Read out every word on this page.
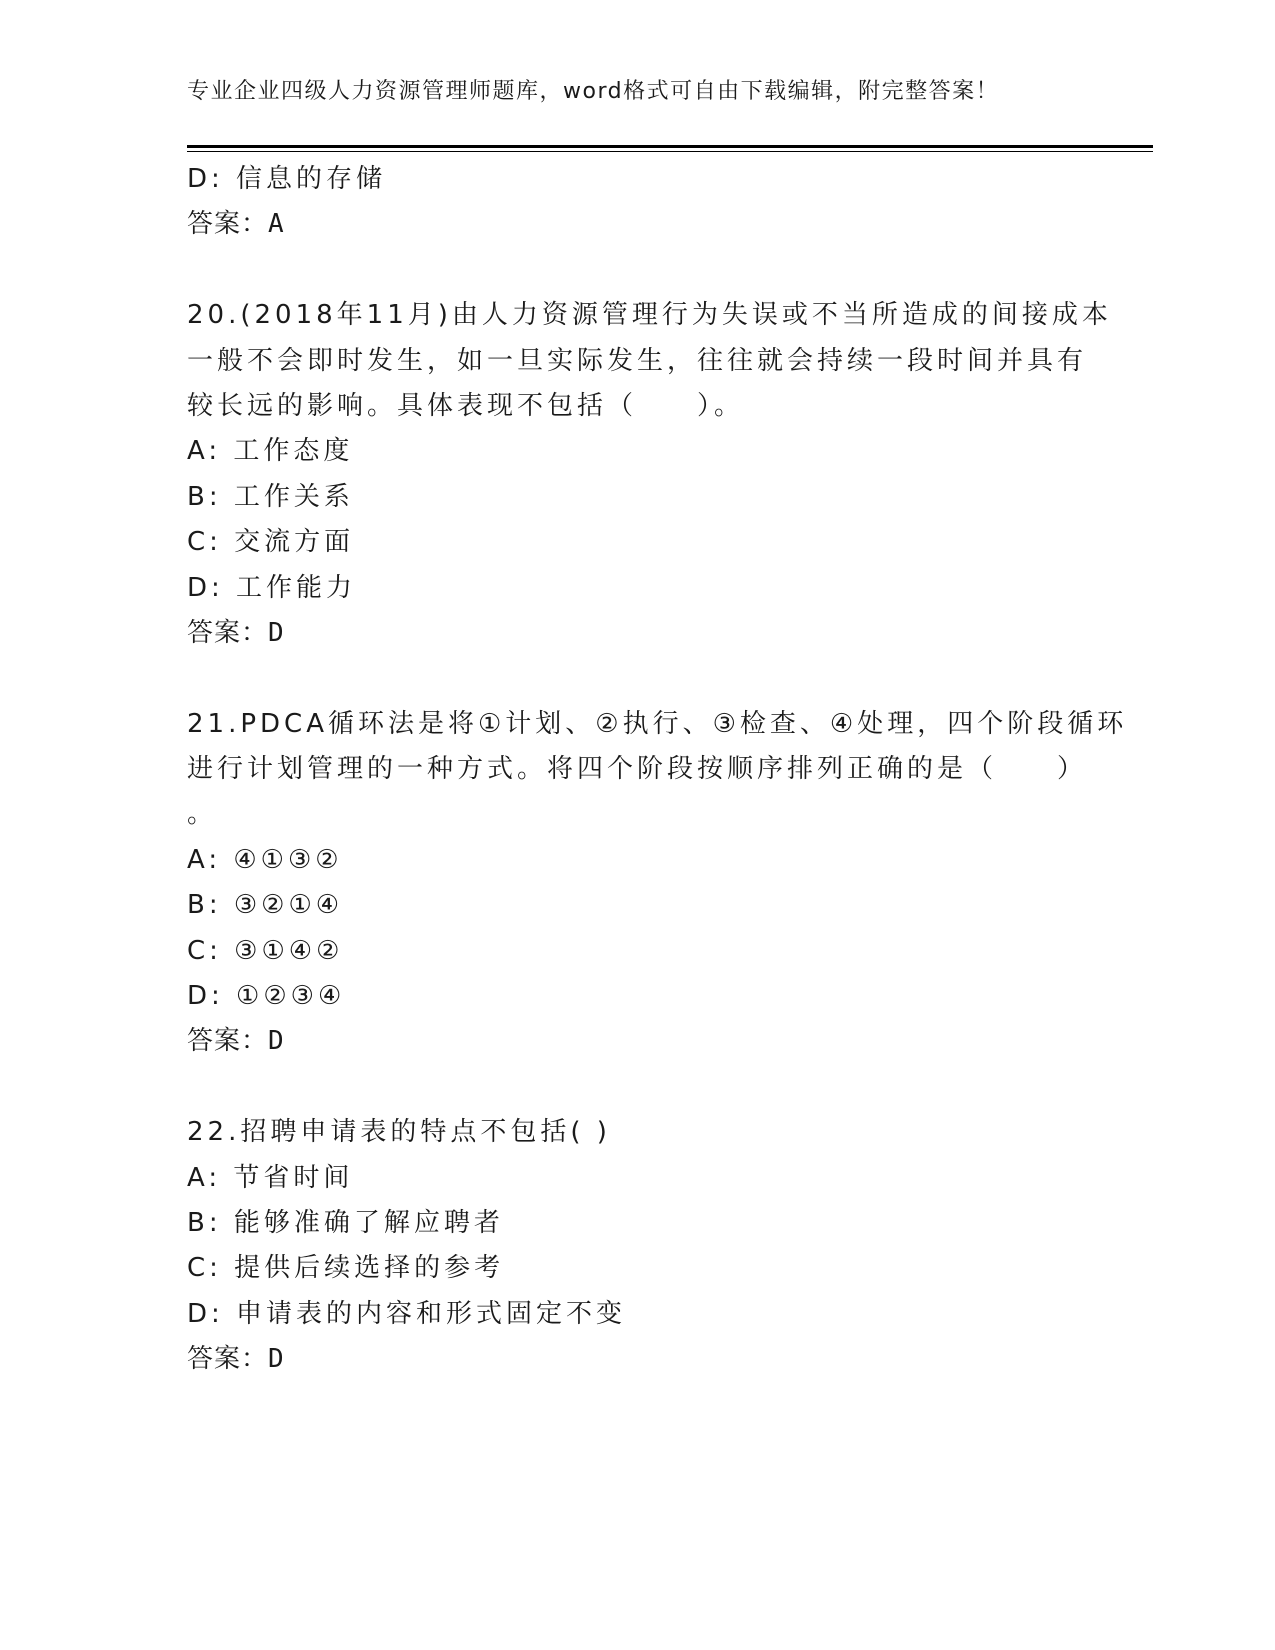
专业企业四级人力资源管理师题库，word格式可自由下载编辑，附完整答案！
D: 信息的存储
答案：A
20.(2018年11月)由人力资源管理行为失误或不当所造成的间接成本
一般不会即时发生，如一旦实际发生，往往就会持续一段时间并具有
较长远的影响。具体表现不包括（　　）。
A: 工作态度
B: 工作关系
C: 交流方面
D: 工作能力
答案：D
21.PDCA循环法是将①计划、②执行、③检查、④处理，四个阶段循环
进行计划管理的一种方式。将四个阶段按顺序排列正确的是（　　）
。
A: ④①③②
B: ③②①④
C: ③①④②
D: ①②③④
答案：D
22.招聘申请表的特点不包括( )
A: 节省时间
B: 能够准确了解应聘者
C: 提供后续选择的参考
D: 申请表的内容和形式固定不变
答案：D
